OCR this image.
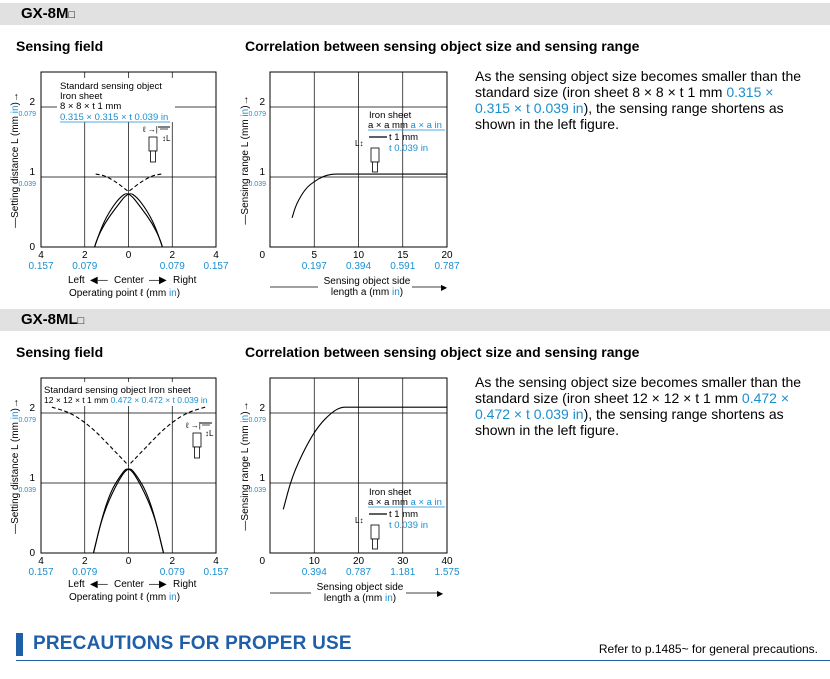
GX-8M□
Sensing field	Correlation between sensing object size and sensing range
As the sensing object size becomes smaller than the standard size (iron sheet 8 × 8 × t 1 mm 0.315 × 0.315 × t 0.039 in), the sensing range shortens as shown in the left figure.
0
1
0.039
2
0.079
—Setting distance L (mm in)→
4
0.157
2
0.079
0	2
0.079
4
0.157
Left ◀— Center —▶ Right
Operating point ℓ (mm in)
Standard sensing object
Iron sheet
8 × 8 × t 1 mm
0.315 × 0.315 × t 0.039 in
ℓ →|
↕L
0
1
0.039
2
0.079
—Sensing range L (mm in)→
5
0.197
10
0.394
15
0.591
20
0.787
Sensing object side
length a (mm in)	▶
Iron sheet
a × a mm a × a in
t 1 mm
t 0.039 in
L↕
GX-8ML□
Sensing field	Correlation between sensing object size and sensing range
As the sensing object size becomes smaller than the standard size (iron sheet 12 × 12 × t 1 mm 0.472 × 0.472 × t 0.039 in), the sensing range shortens as shown in the left figure.
0
1
0.039
2
0.079
—Setting distance L (mm in)→
4
0.157
2
0.079
0	2
0.079
4
0.157
Left ◀— Center —▶ Right
Operating point ℓ (mm in)
Standard sensing object Iron sheet
12 × 12 × t 1 mm 0.472 × 0.472 × t 0.039 in
ℓ →|
↕L
0
1
0.039
2
0.079
—Sensing range L (mm in)→
10
0.394
20
0.787
30
1.181
40
1.575
Sensing object side
length a (mm in)	▶
Iron sheet
a × a mm a × a in
t 1 mm
t 0.039 in
L↕
PRECAUTIONS FOR PROPER USE	Refer to p.1485~ for general precautions.
